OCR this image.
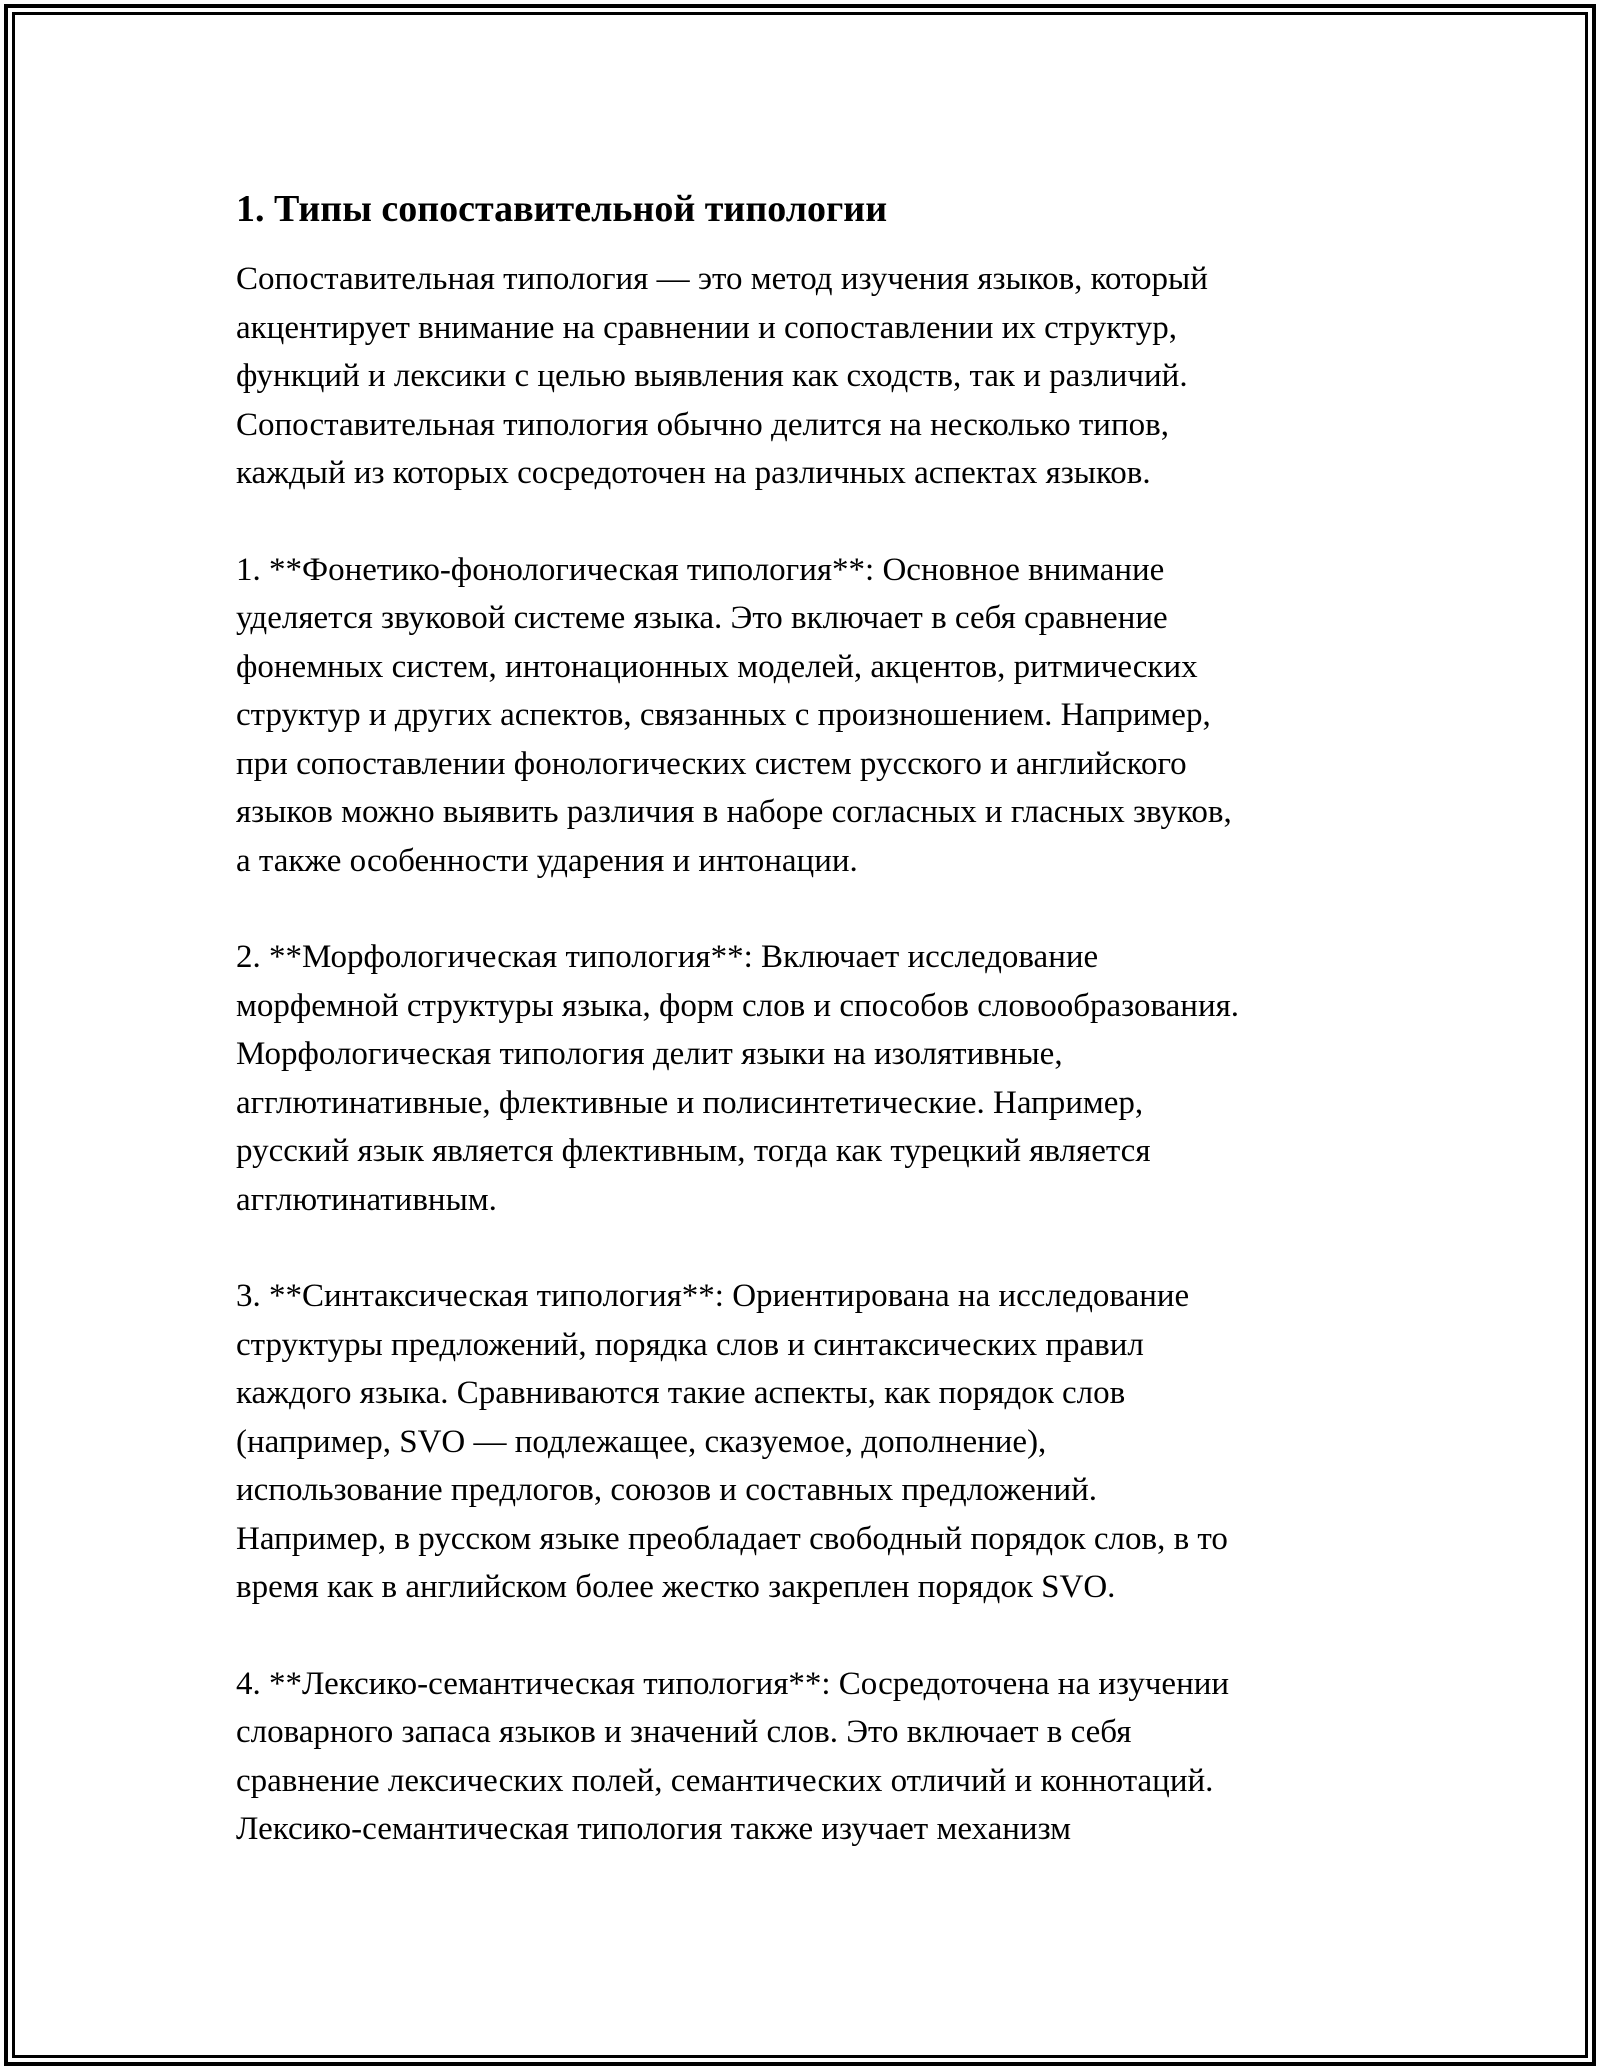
1. Типы сопоставительной типологии
Сопоставительная типология — это метод изучения языков, который
акцентирует внимание на сравнении и сопоставлении их структур,
функций и лексики с целью выявления как сходств, так и различий.
Сопоставительная типология обычно делится на несколько типов,
каждый из которых сосредоточен на различных аспектах языков.
1. **Фонетико-фонологическая типология**: Основное внимание
уделяется звуковой системе языка. Это включает в себя сравнение
фонемных систем, интонационных моделей, акцентов, ритмических
структур и других аспектов, связанных с произношением. Например,
при сопоставлении фонологических систем русского и английского
языков можно выявить различия в наборе согласных и гласных звуков,
а также особенности ударения и интонации.
2. **Морфологическая типология**: Включает исследование
морфемной структуры языка, форм слов и способов словообразования.
Морфологическая типология делит языки на изолятивные,
агглютинативные, флективные и полисинтетические. Например,
русский язык является флективным, тогда как турецкий является
агглютинативным.
3. **Синтаксическая типология**: Ориентирована на исследование
структуры предложений, порядка слов и синтаксических правил
каждого языка. Сравниваются такие аспекты, как порядок слов
(например, SVO — подлежащее, сказуемое, дополнение),
использование предлогов, союзов и составных предложений.
Например, в русском языке преобладает свободный порядок слов, в то
время как в английском более жестко закреплен порядок SVO.
4. **Лексико-семантическая типология**: Сосредоточена на изучении
словарного запаса языков и значений слов. Это включает в себя
сравнение лексических полей, семантических отличий и коннотаций.
Лексико-семантическая типология также изучает механизм
